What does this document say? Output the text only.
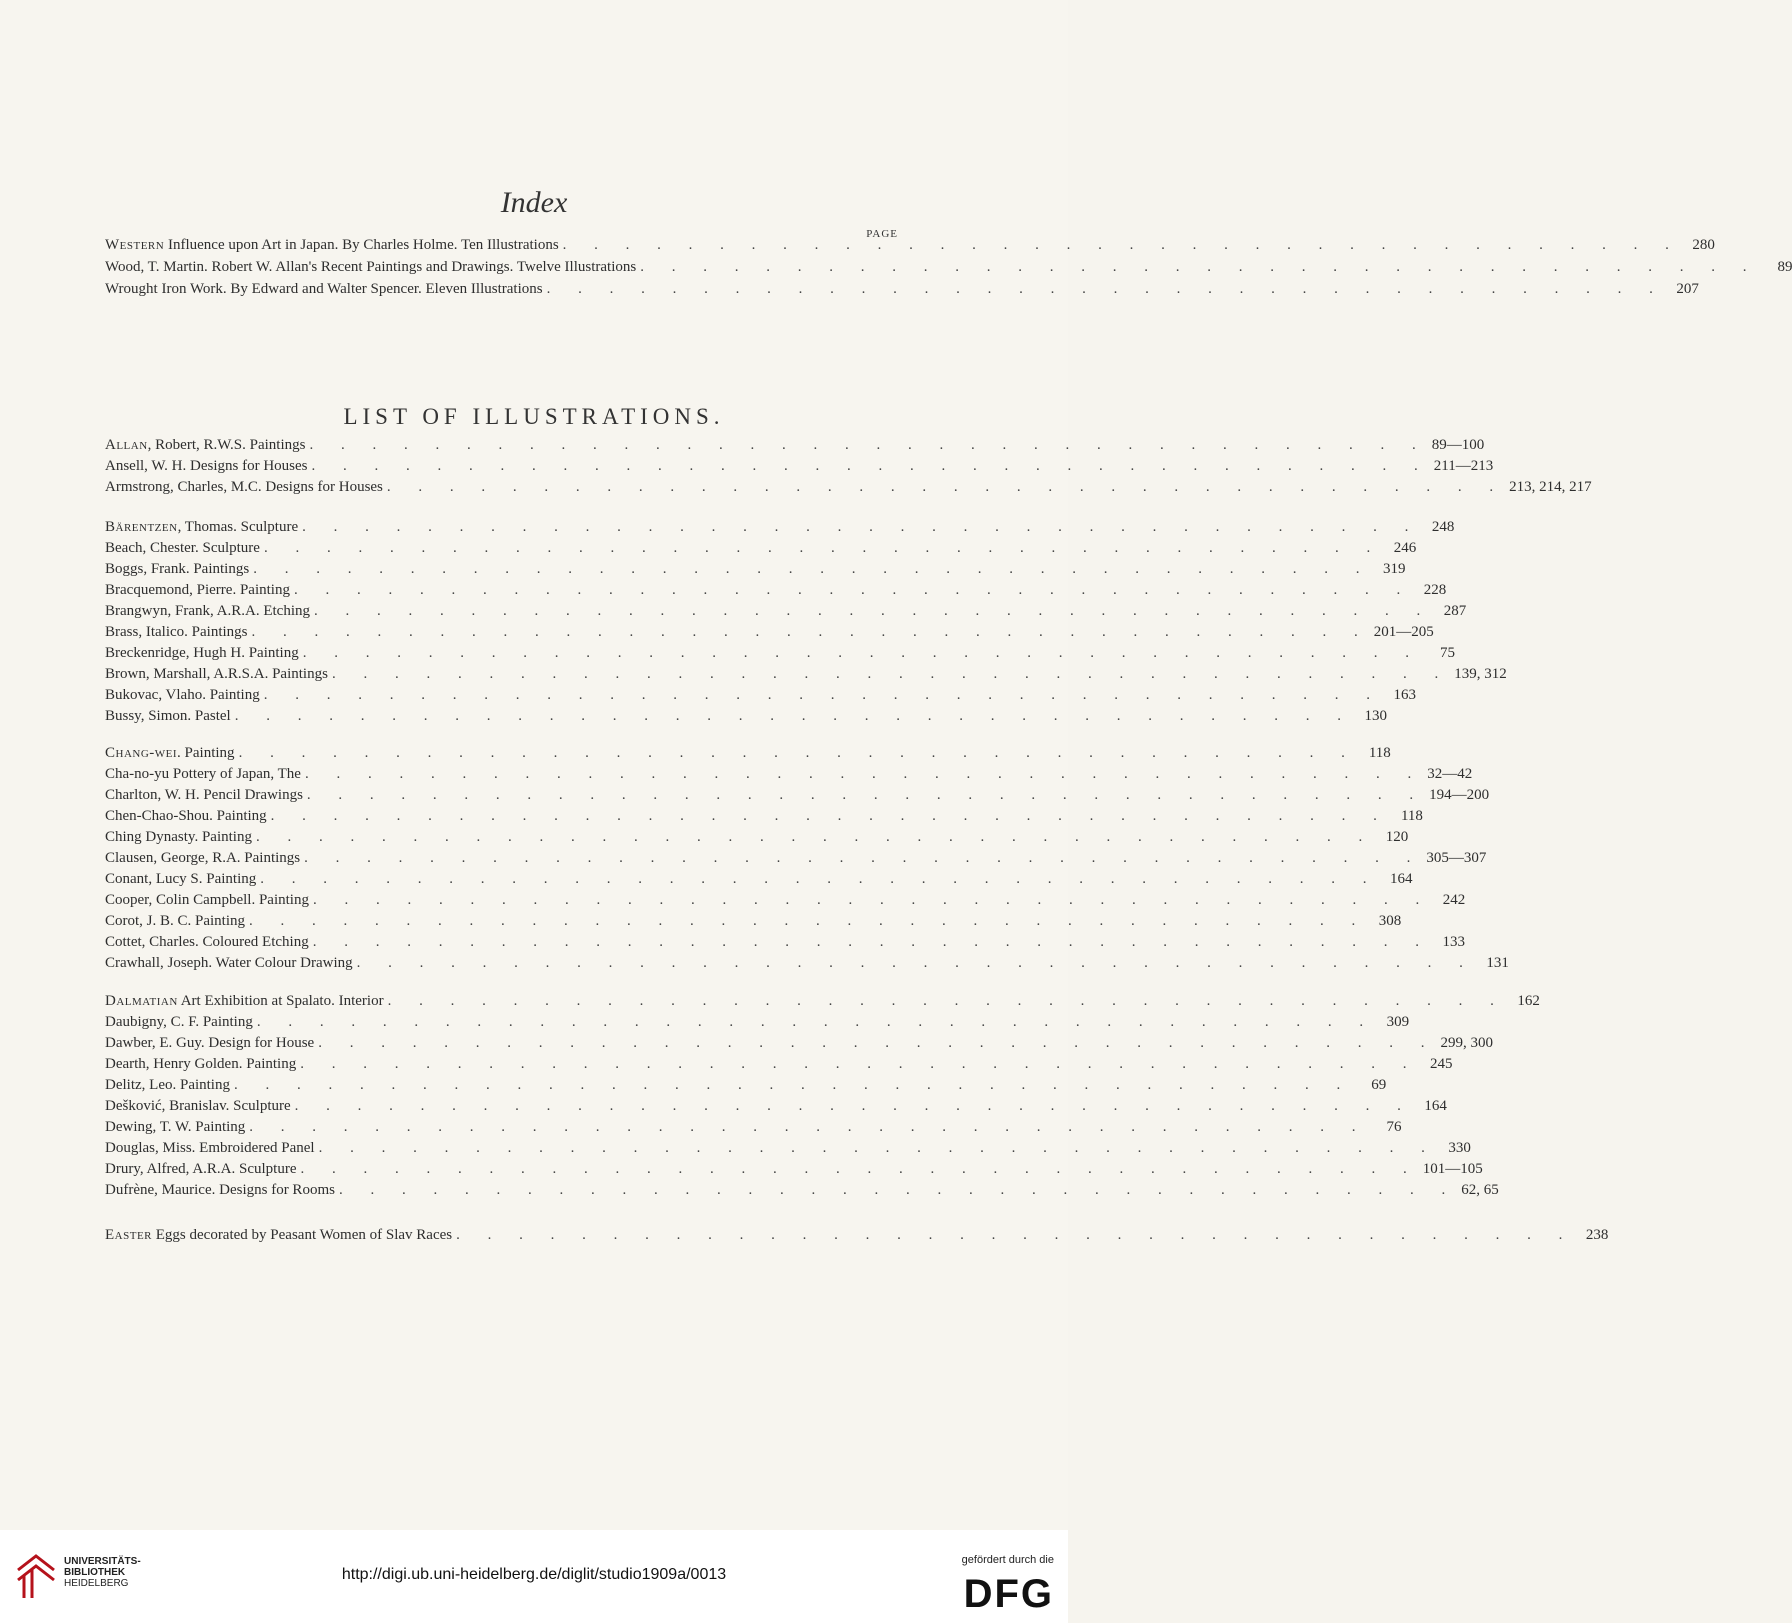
Index
PAGE
Western Influence upon Art in Japan. By Charles Holme. Ten Illustrations . . . . . . . . . . . . . . . . . . . . . . . . . . . . . . . . . . . . 280
Wood, T. Martin. Robert W. Allan's Recent Paintings and Drawings. Twelve Illustrations . . . . . . . . . . . . . . . . . . . . . . . . . . . . . . . . . . . .	89
Wrought Iron Work. By Edward and Walter Spencer. Eleven Illustrations . . . . . . . . . . . . . . . . . . . . . . . . . . . . . . . . . . . . 207
LIST OF ILLUSTRATIONS.
Allan, Robert, R.W.S. Paintings . . . . . . . . . . . . . . . . . . . . . . . . . . . . . . . . . . . . 89—100
Ansell, W. H. Designs for Houses . . . . . . . . . . . . . . . . . . . . . . . . . . . . . . . . . . . . 211—213
Armstrong, Charles, M.C. Designs for Houses . . . . . . . . . . . . . . . . . . . . . . . . . . . . . . . . . . . . 213, 214, 217
Bärentzen, Thomas. Sculpture . . . . . . . . . . . . . . . . . . . . . . . . . . . . . . . . . . . . 248
Beach, Chester. Sculpture . . . . . . . . . . . . . . . . . . . . . . . . . . . . . . . . . . . . 246
Boggs, Frank. Paintings . . . . . . . . . . . . . . . . . . . . . . . . . . . . . . . . . . . . 319
Bracquemond, Pierre. Painting . . . . . . . . . . . . . . . . . . . . . . . . . . . . . . . . . . . . 228
Brangwyn, Frank, A.R.A. Etching . . . . . . . . . . . . . . . . . . . . . . . . . . . . . . . . . . . . 287
Brass, Italico. Paintings . . . . . . . . . . . . . . . . . . . . . . . . . . . . . . . . . . . . 201—205
Breckenridge, Hugh H. Painting . . . . . . . . . . . . . . . . . . . . . . . . . . . . . . . . . . . .	75
Brown, Marshall, A.R.S.A. Paintings . . . . . . . . . . . . . . . . . . . . . . . . . . . . . . . . . . . . 139, 312
Bukovac, Vlaho. Painting . . . . . . . . . . . . . . . . . . . . . . . . . . . . . . . . . . . . 163
Bussy, Simon. Pastel . . . . . . . . . . . . . . . . . . . . . . . . . . . . . . . . . . . . 130
Chang-wei. Painting . . . . . . . . . . . . . . . . . . . . . . . . . . . . . . . . . . . . 118
Cha-no-yu Pottery of Japan, The . . . . . . . . . . . . . . . . . . . . . . . . . . . . . . . . . . . . 32—42
Charlton, W. H. Pencil Drawings . . . . . . . . . . . . . . . . . . . . . . . . . . . . . . . . . . . . 194—200
Chen-Chao-Shou. Painting . . . . . . . . . . . . . . . . . . . . . . . . . . . . . . . . . . . . 118
Ching Dynasty. Painting . . . . . . . . . . . . . . . . . . . . . . . . . . . . . . . . . . . . 120
Clausen, George, R.A. Paintings . . . . . . . . . . . . . . . . . . . . . . . . . . . . . . . . . . . . 305—307
Conant, Lucy S. Painting . . . . . . . . . . . . . . . . . . . . . . . . . . . . . . . . . . . . 164
Cooper, Colin Campbell. Painting . . . . . . . . . . . . . . . . . . . . . . . . . . . . . . . . . . . . 242
Corot, J. B. C. Painting . . . . . . . . . . . . . . . . . . . . . . . . . . . . . . . . . . . . 308
Cottet, Charles. Coloured Etching . . . . . . . . . . . . . . . . . . . . . . . . . . . . . . . . . . . . 133
Crawhall, Joseph. Water Colour Drawing . . . . . . . . . . . . . . . . . . . . . . . . . . . . . . . . . . . . 131
Dalmatian Art Exhibition at Spalato. Interior . . . . . . . . . . . . . . . . . . . . . . . . . . . . . . . . . . . . 162
Daubigny, C. F. Painting . . . . . . . . . . . . . . . . . . . . . . . . . . . . . . . . . . . . 309
Dawber, E. Guy. Design for House . . . . . . . . . . . . . . . . . . . . . . . . . . . . . . . . . . . . 299, 300
Dearth, Henry Golden. Painting . . . . . . . . . . . . . . . . . . . . . . . . . . . . . . . . . . . . 245
Delitz, Leo. Painting . . . . . . . . . . . . . . . . . . . . . . . . . . . . . . . . . . . .	69
Dešković, Branislav. Sculpture . . . . . . . . . . . . . . . . . . . . . . . . . . . . . . . . . . . . 164
Dewing, T. W. Painting . . . . . . . . . . . . . . . . . . . . . . . . . . . . . . . . . . . .	76
Douglas, Miss. Embroidered Panel . . . . . . . . . . . . . . . . . . . . . . . . . . . . . . . . . . . . 330
Drury, Alfred, A.R.A. Sculpture . . . . . . . . . . . . . . . . . . . . . . . . . . . . . . . . . . . . 101—105
Dufrène, Maurice. Designs for Rooms . . . . . . . . . . . . . . . . . . . . . . . . . . . . . . . . . . . . 62, 65
Easter Eggs decorated by Peasant Women of Slav Races . . . . . . . . . . . . . . . . . . . . . . . . . . . . . . . . . . . . 238
UNIVERSITÄTS-
BIBLIOTHEK
HEIDELBERG
http://digi.ub.uni-heidelberg.de/diglit/studio1909a/0013
gefördert durch die
DFG
